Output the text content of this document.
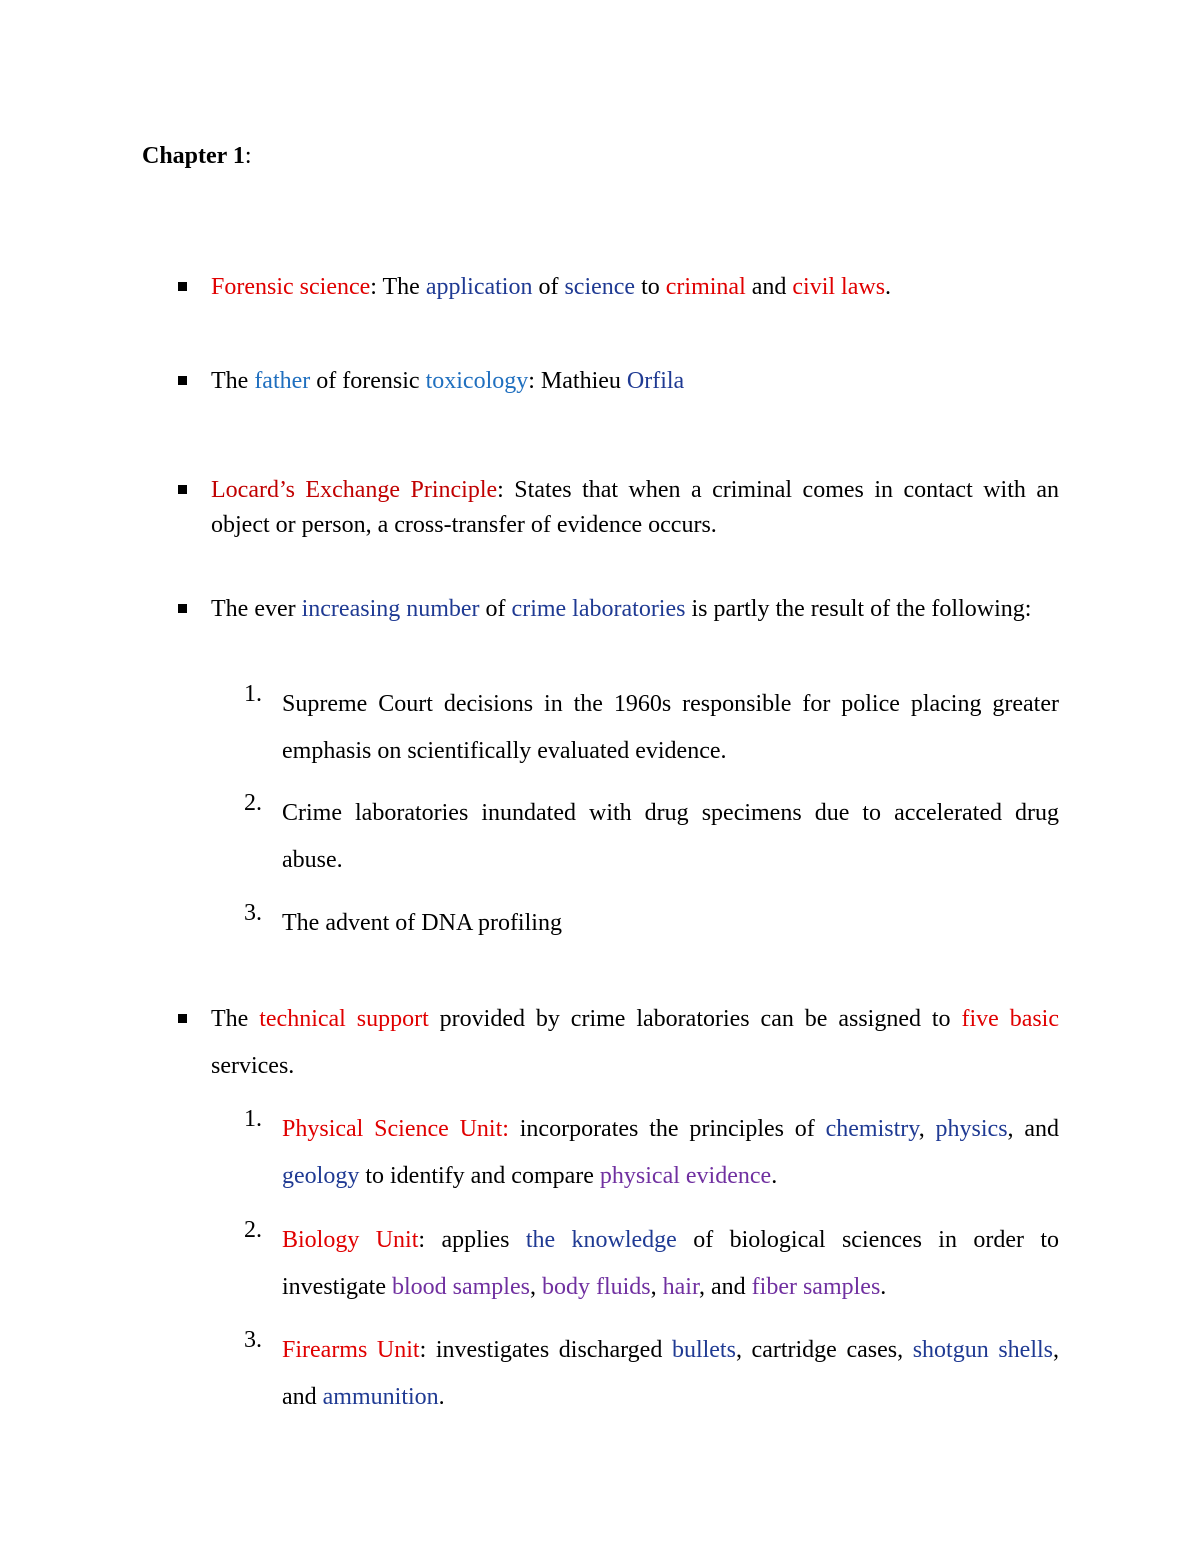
Chapter 1:

Forensic science: The application of science to criminal and civil laws.

The father of forensic toxicology: Mathieu Orfila

Locard’s Exchange Principle: States that when a criminal comes in contact with an object or person, a cross-transfer of evidence occurs.

The ever increasing number of crime laboratories is partly the result of the following:

1. Supreme Court decisions in the 1960s responsible for police placing greater emphasis on scientifically evaluated evidence.

2. Crime laboratories inundated with drug specimens due to accelerated drug abuse.

3. The advent of DNA profiling

The technical support provided by crime laboratories can be assigned to five basic services.

1. Physical Science Unit: incorporates the principles of chemistry, physics, and geology to identify and compare physical evidence.

2. Biology Unit: applies the knowledge of biological sciences in order to investigate blood samples, body fluids, hair, and fiber samples.

3. Firearms Unit: investigates discharged bullets, cartridge cases, shotgun shells, and ammunition.
